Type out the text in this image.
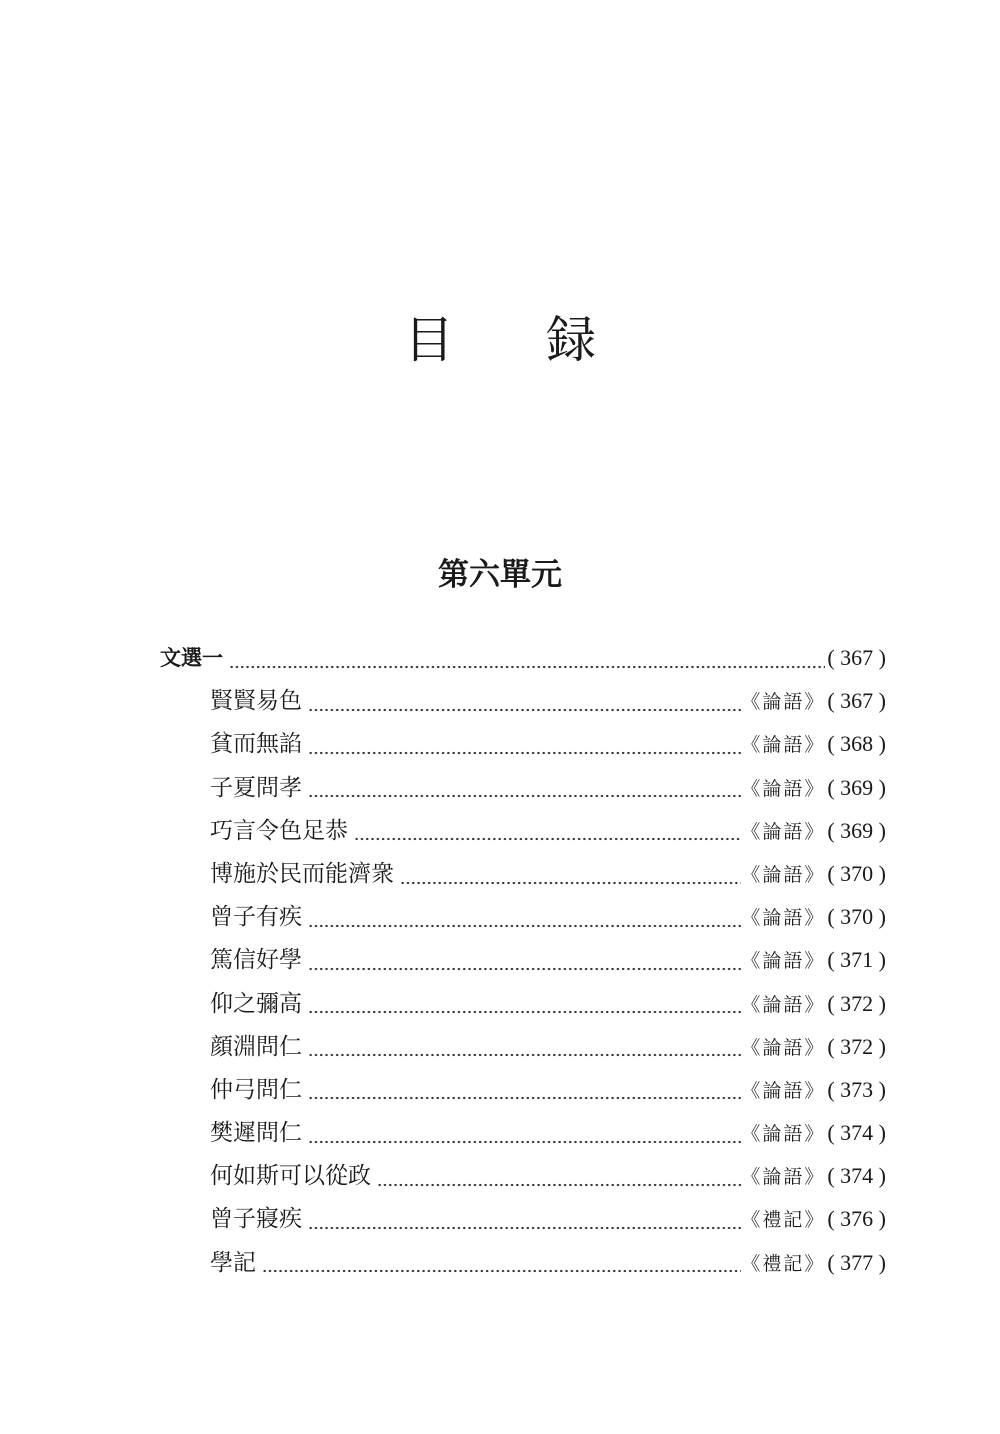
目録
第六單元
文選一	( 367 )
賢賢易色	《論語》 ( 367 )
貧而無諂	《論語》 ( 368 )
子夏問孝	《論語》 ( 369 )
巧言令色足恭	《論語》 ( 369 )
博施於民而能濟衆	《論語》 ( 370 )
曾子有疾	《論語》 ( 370 )
篤信好學	《論語》 ( 371 )
仰之彌高	《論語》 ( 372 )
顔淵問仁	《論語》 ( 372 )
仲弓問仁	《論語》 ( 373 )
樊遲問仁	《論語》 ( 374 )
何如斯可以從政	《論語》 ( 374 )
曾子寢疾	《禮記》 ( 376 )
學記	《禮記》 ( 377 )
